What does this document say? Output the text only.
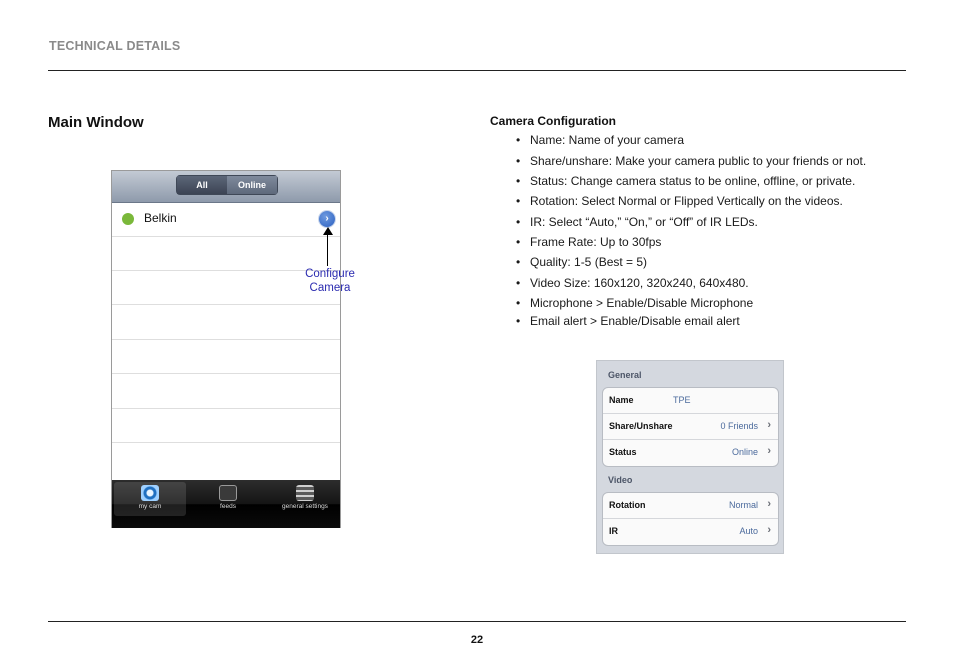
TECHNICAL DETAILS
Main Window
All	Online
Belkin	›
Configure
Camera
my cam	feeds	general settings
Camera Configuration
• Name: Name of your camera
• Share/unshare: Make your camera public to your friends or not.
• Status: Change camera status to be online, offline, or private.
• Rotation: Select Normal or Flipped Vertically on the videos.
• IR: Select “Auto,” “On,” or “Off” of IR LEDs.
• Frame Rate: Up to 30fps
• Quality: 1-5 (Best = 5)
• Video Size: 160x120, 320x240, 640x480.
• Microphone > Enable/Disable Microphone
• Email alert > Enable/Disable email alert
General
Name	TPE
Share/Unshare	0 Friends ›
Status	Online ›
Video
Rotation	Normal ›
IR	Auto ›
22
